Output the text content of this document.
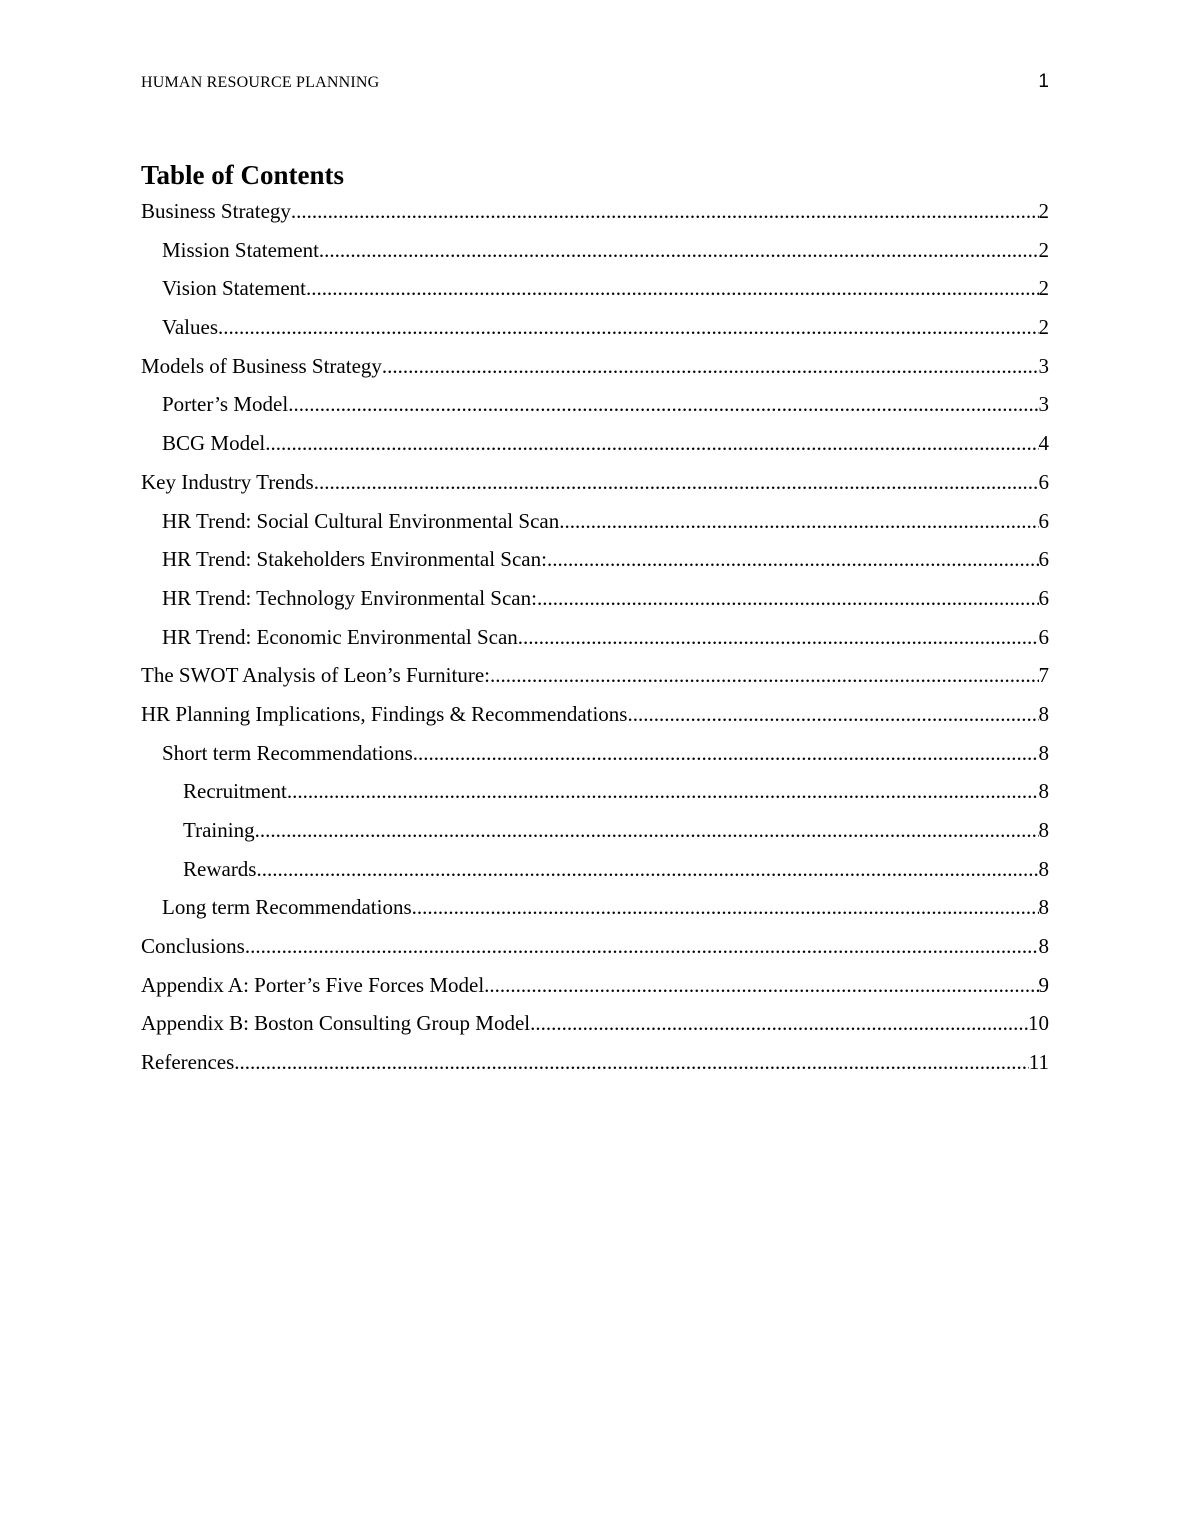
HUMAN RESOURCE PLANNING	1
Table of Contents
Business Strategy .....	2
Mission Statement .....	2
Vision Statement .....	2
Values .....	2
Models of Business Strategy .....	3
Porter’s Model .....	3
BCG Model .....	4
Key Industry Trends .....	6
HR Trend: Social Cultural Environmental Scan .....	6
HR Trend: Stakeholders Environmental Scan: .....	6
HR Trend: Technology Environmental Scan: .....	6
HR Trend: Economic Environmental Scan .....	6
The SWOT Analysis of Leon’s Furniture: .....	7
HR Planning Implications, Findings & Recommendations .....	8
Short term Recommendations .....	8
Recruitment .....	8
Training .....	8
Rewards .....	8
Long term Recommendations .....	8
Conclusions .....	8
Appendix A: Porter’s Five Forces Model .....	9
Appendix B: Boston Consulting Group Model .....	10
References .....	11
